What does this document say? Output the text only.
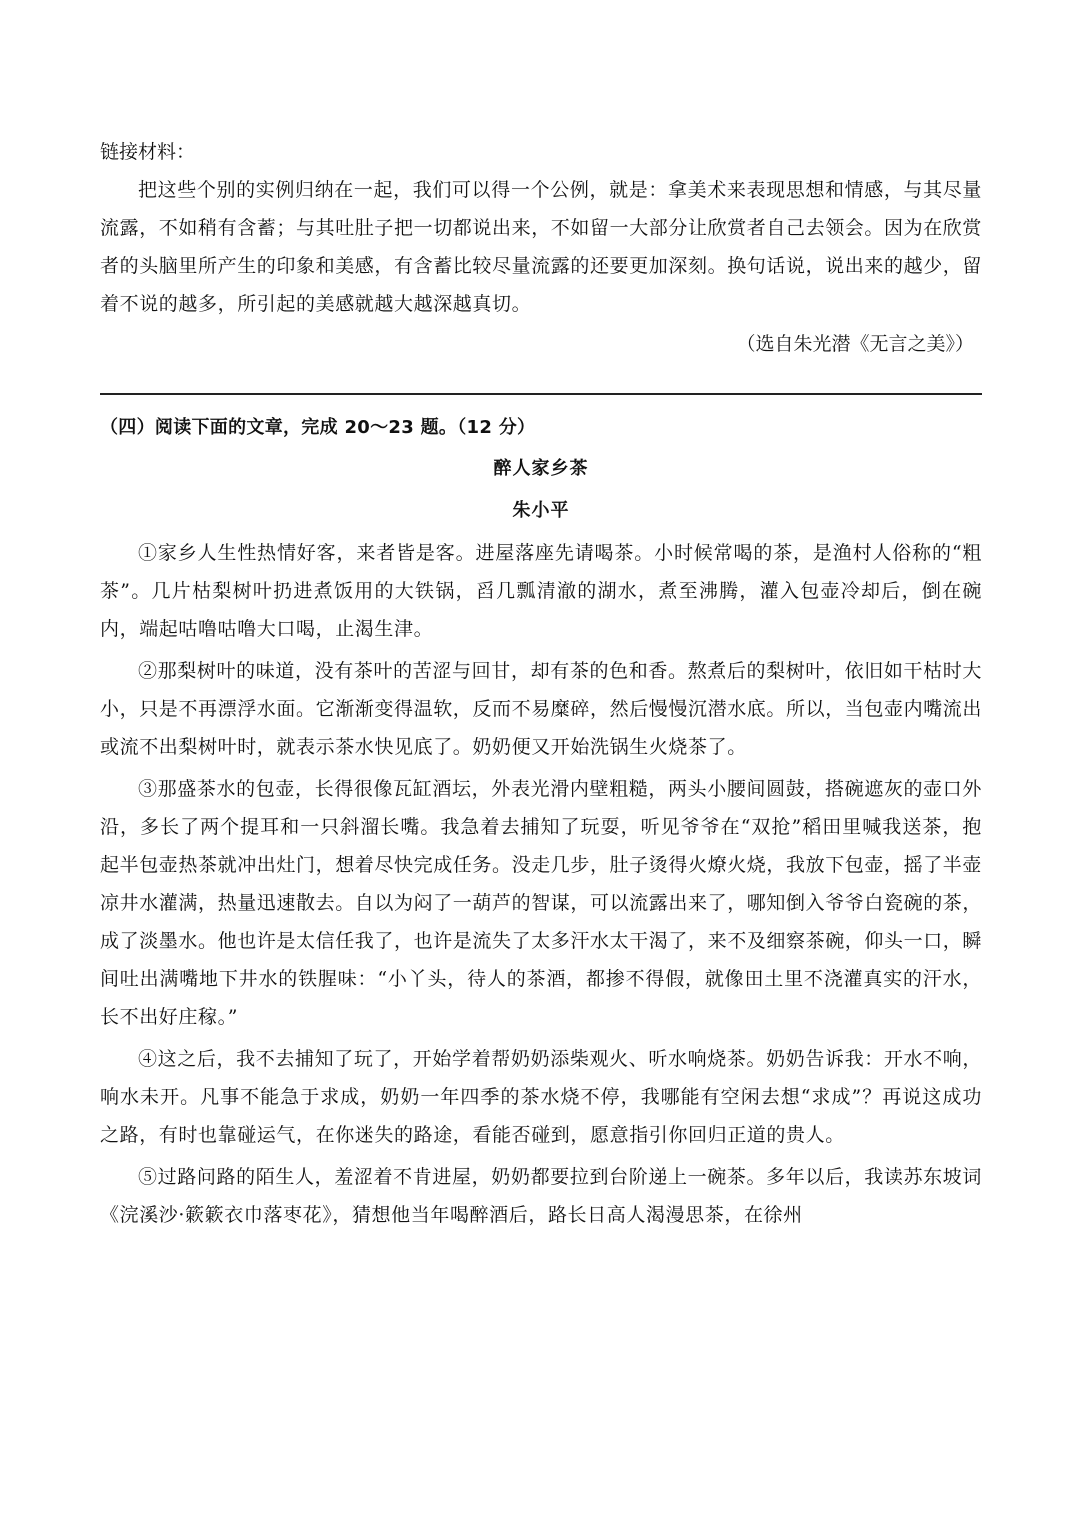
链接材料：

把这些个别的实例归纳在一起，我们可以得一个公例，就是：拿美术来表现思想和情感，与其尽量流露，不如稍有含蓄；与其吐肚子把一切都说出来，不如留一大部分让欣赏者自己去领会。因为在欣赏者的头脑里所产生的印象和美感，有含蓄比较尽量流露的还要更加深刻。换句话说，说出来的越少，留着不说的越多，所引起的美感就越大越深越真切。

（选自朱光潜《无言之美》）

（四）阅读下面的文章，完成 20～23 题。（12 分）

醉人家乡茶

朱小平

①家乡人生性热情好客，来者皆是客。进屋落座先请喝茶。小时候常喝的茶，是渔村人俗称的“粗茶”。几片枯梨树叶扔进煮饭用的大铁锅，舀几瓢清澈的湖水，煮至沸腾，灌入包壶冷却后，倒在碗内，端起咕噜咕噜大口喝，止渴生津。

②那梨树叶的味道，没有茶叶的苦涩与回甘，却有茶的色和香。熬煮后的梨树叶，依旧如干枯时大小，只是不再漂浮水面。它渐渐变得温软，反而不易糜碎，然后慢慢沉潜水底。所以，当包壶内嘴流出或流不出梨树叶时，就表示茶水快见底了。奶奶便又开始洗锅生火烧茶了。

③那盛茶水的包壶，长得很像瓦缸酒坛，外表光滑内壁粗糙，两头小腰间圆鼓，搭碗遮灰的壶口外沿，多长了两个提耳和一只斜溜长嘴。我急着去捕知了玩耍，听见爷爷在“双抢”稻田里喊我送茶，抱起半包壶热茶就冲出灶门，想着尽快完成任务。没走几步，肚子烫得火燎火烧，我放下包壶，摇了半壶凉井水灌满，热量迅速散去。自以为闷了一葫芦的智谋，可以流露出来了，哪知倒入爷爷白瓷碗的茶，成了淡墨水。他也许是太信任我了，也许是流失了太多汗水太干渴了，来不及细察茶碗，仰头一口，瞬间吐出满嘴地下井水的铁腥味：“小丫头，待人的茶酒，都掺不得假，就像田土里不浇灌真实的汗水，长不出好庄稼。”

④这之后，我不去捕知了玩了，开始学着帮奶奶添柴观火、听水响烧茶。奶奶告诉我：开水不响，响水未开。凡事不能急于求成，奶奶一年四季的茶水烧不停，我哪能有空闲去想“求成”？再说这成功之路，有时也靠碰运气，在你迷失的路途，看能否碰到，愿意指引你回归正道的贵人。

⑤过路问路的陌生人，羞涩着不肯进屋，奶奶都要拉到台阶递上一碗茶。多年以后，我读苏东坡词《浣溪沙·簌簌衣巾落枣花》，猜想他当年喝醉酒后，路长日高人渴漫思茶，在徐州
